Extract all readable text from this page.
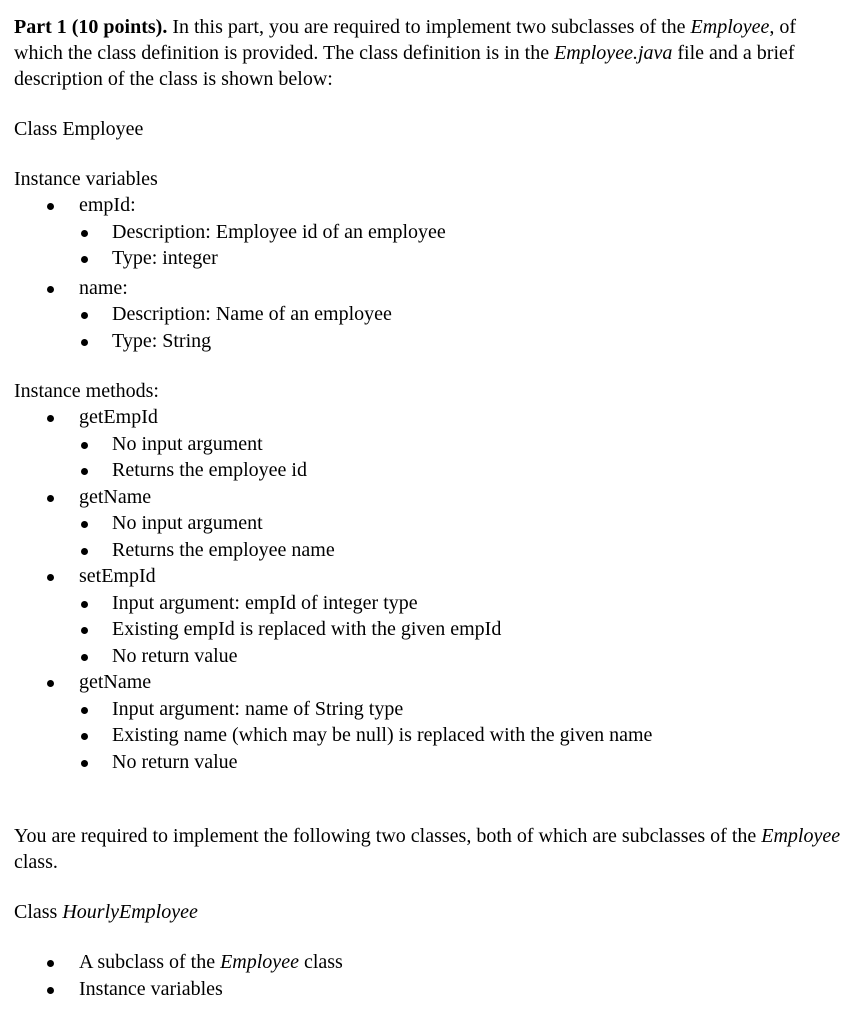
Part 1 (10 points). In this part, you are required to implement two subclasses of the Employee, of which the class definition is provided. The class definition is in the Employee.java file and a brief description of the class is shown below:

Class Employee

Instance variables

empId:
Description: Employee id of an employee
Type: integer
name:
Description: Name of an employee
Type: String

Instance methods:

getEmpId
No input argument
Returns the employee id
getName
No input argument
Returns the employee name
setEmpId
Input argument: empId of integer type
Existing empId is replaced with the given empId
No return value
getName
Input argument: name of String type
Existing name (which may be null) is replaced with the given name
No return value

You are required to implement the following two classes, both of which are subclasses of the Employee class.

Class HourlyEmployee

A subclass of the Employee class
Instance variables
